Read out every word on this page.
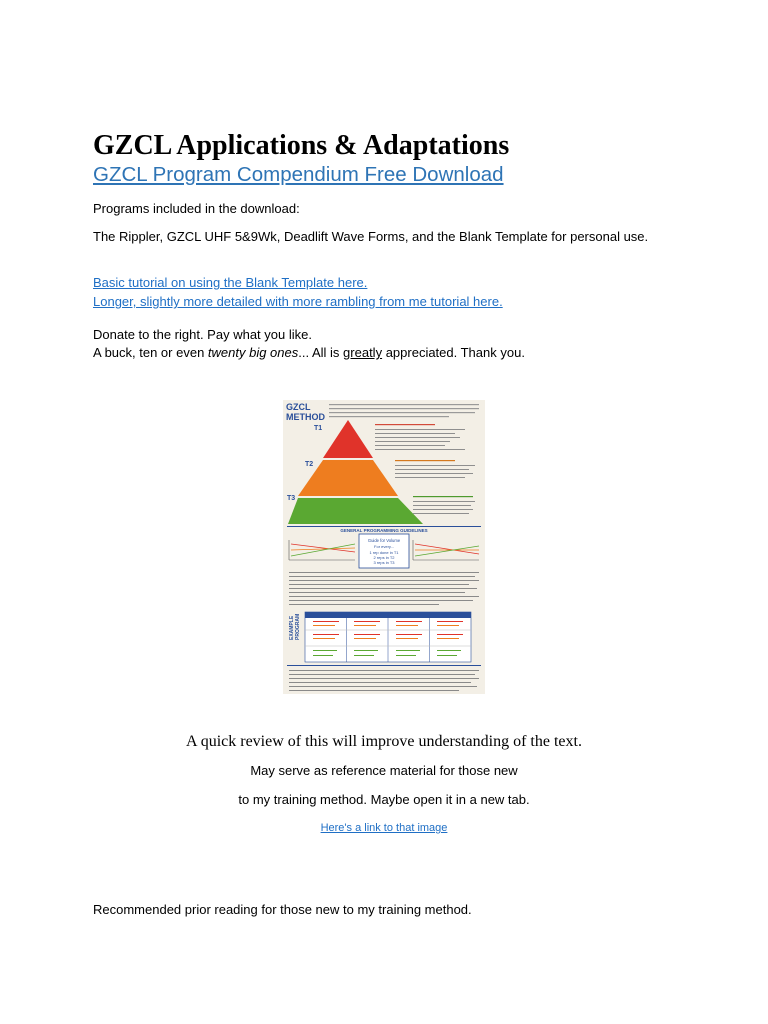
GZCL Applications & Adaptations
GZCL Program Compendium Free Download
Programs included in the download:
The Rippler, GZCL UHF 5&9Wk, Deadlift Wave Forms, and the Blank Template for personal use.
Basic tutorial on using the Blank Template here.
Longer, slightly more detailed with more rambling from me tutorial here.
Donate to the right. Pay what you like.
A buck, ten or even twenty big ones... All is greatly appreciated. Thank you.
GZCL
METHOD
T1
T2
T3
GENERAL PROGRAMMING GUIDELINES
Guide for Volume
For every...
1 rep done in T1
2 reps in T2
3 reps in T3
EXAMPLE PROGRAM
A quick review of this will improve understanding of the text.
May serve as reference material for those new
to my training method. Maybe open it in a new tab.
Here's a link to that image
Recommended prior reading for those new to my training method.
